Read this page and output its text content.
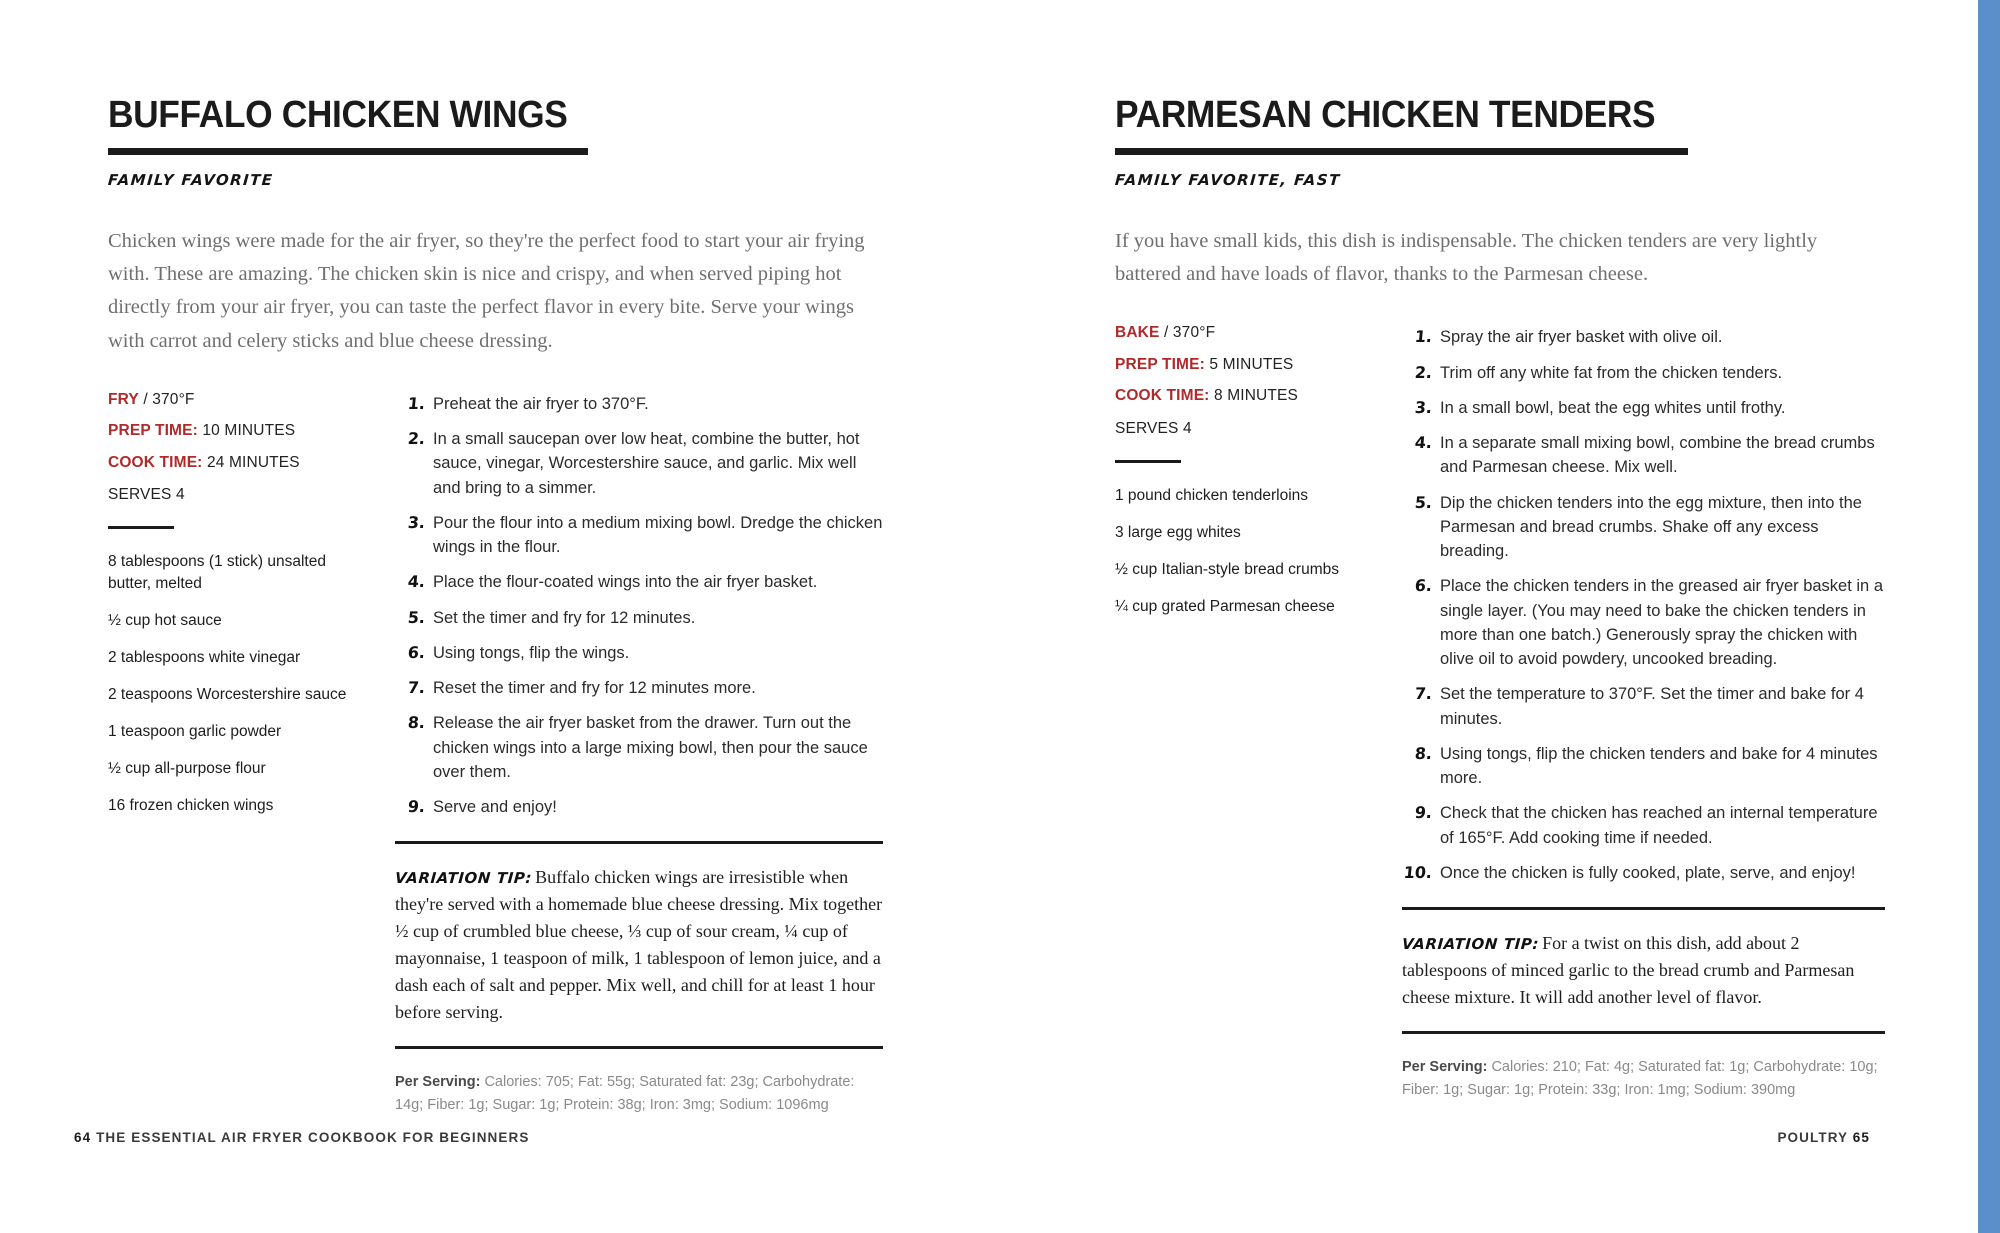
BUFFALO CHICKEN WINGS
FAMILY FAVORITE

Chicken wings were made for the air fryer, so they're the perfect food to start your air frying with. These are amazing. The chicken skin is nice and crispy, and when served piping hot directly from your air fryer, you can taste the perfect flavor in every bite. Serve your wings with carrot and celery sticks and blue cheese dressing.

FRY / 370°F
PREP TIME: 10 MINUTES
COOK TIME: 24 MINUTES
SERVES 4
8 tablespoons (1 stick) unsalted butter, melted
½ cup hot sauce
2 tablespoons white vinegar
2 teaspoons Worcestershire sauce
1 teaspoon garlic powder
½ cup all-purpose flour
16 frozen chicken wings
1. Preheat the air fryer to 370°F.
2. In a small saucepan over low heat, combine the butter, hot sauce, vinegar, Worcestershire sauce, and garlic. Mix well and bring to a simmer.
3. Pour the flour into a medium mixing bowl. Dredge the chicken wings in the flour.
4. Place the flour-coated wings into the air fryer basket.
5. Set the timer and fry for 12 minutes.
6. Using tongs, flip the wings.
7. Reset the timer and fry for 12 minutes more.
8. Release the air fryer basket from the drawer. Turn out the chicken wings into a large mixing bowl, then pour the sauce over them.
9. Serve and enjoy!
VARIATION TIP: Buffalo chicken wings are irresistible when they're served with a homemade blue cheese dressing. Mix together ½ cup of crumbled blue cheese, ⅓ cup of sour cream, ¼ cup of mayonnaise, 1 teaspoon of milk, 1 tablespoon of lemon juice, and a dash each of salt and pepper. Mix well, and chill for at least 1 hour before serving.
Per Serving: Calories: 705; Fat: 55g; Saturated fat: 23g; Carbohydrate: 14g; Fiber: 1g; Sugar: 1g; Protein: 38g; Iron: 3mg; Sodium: 1096mg
64 THE ESSENTIAL AIR FRYER COOKBOOK FOR BEGINNERS
PARMESAN CHICKEN TENDERS
FAMILY FAVORITE, FAST

If you have small kids, this dish is indispensable. The chicken tenders are very lightly battered and have loads of flavor, thanks to the Parmesan cheese.

BAKE / 370°F
PREP TIME: 5 MINUTES
COOK TIME: 8 MINUTES
SERVES 4
1 pound chicken tenderloins
3 large egg whites
½ cup Italian-style bread crumbs
¼ cup grated Parmesan cheese
1. Spray the air fryer basket with olive oil.
2. Trim off any white fat from the chicken tenders.
3. In a small bowl, beat the egg whites until frothy.
4. In a separate small mixing bowl, combine the bread crumbs and Parmesan cheese. Mix well.
5. Dip the chicken tenders into the egg mixture, then into the Parmesan and bread crumbs. Shake off any excess breading.
6. Place the chicken tenders in the greased air fryer basket in a single layer. (You may need to bake the chicken tenders in more than one batch.) Generously spray the chicken with olive oil to avoid powdery, uncooked breading.
7. Set the temperature to 370°F. Set the timer and bake for 4 minutes.
8. Using tongs, flip the chicken tenders and bake for 4 minutes more.
9. Check that the chicken has reached an internal temperature of 165°F. Add cooking time if needed.
10. Once the chicken is fully cooked, plate, serve, and enjoy!
VARIATION TIP: For a twist on this dish, add about 2 tablespoons of minced garlic to the bread crumb and Parmesan cheese mixture. It will add another level of flavor.
Per Serving: Calories: 210; Fat: 4g; Saturated fat: 1g; Carbohydrate: 10g; Fiber: 1g; Sugar: 1g; Protein: 33g; Iron: 1mg; Sodium: 390mg
POULTRY 65
